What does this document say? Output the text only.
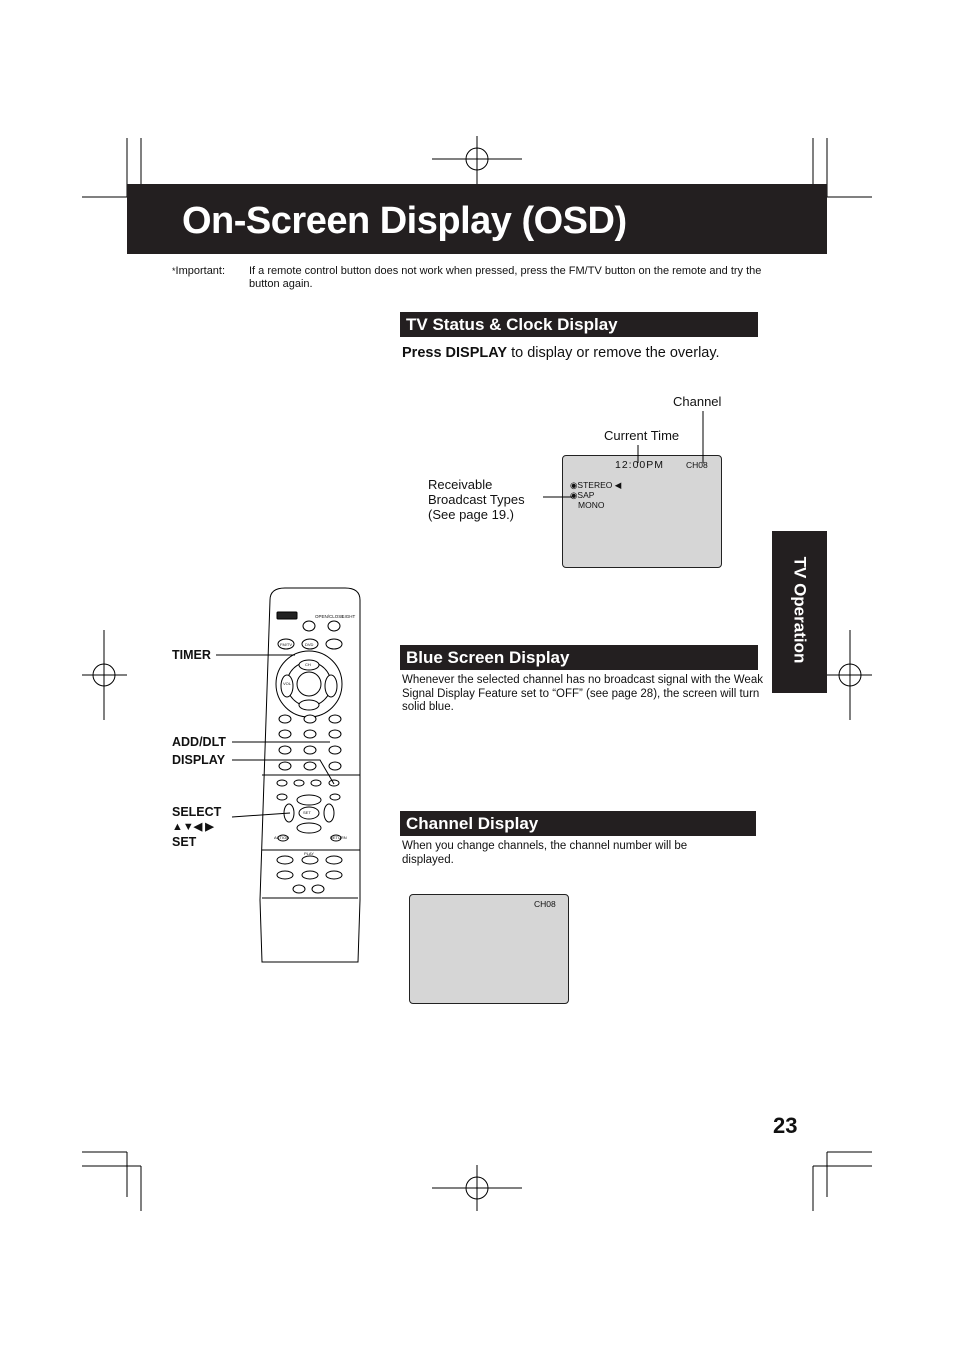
On-Screen Display (OSD)
*Important: If a remote control button does not work when pressed, press the FM/TV button on the remote and try the button again.
TV Status & Clock Display
Press DISPLAY to display or remove the overlay.
Channel
Current Time
Receivable
Broadcast Types
(See page 19.)
12:00PM	CH08
◉STEREO ◀
◉SAP
MONO
Blue Screen Display
Whenever the selected channel has no broadcast signal with the Weak Signal Display Feature set to “OFF” (see page 28), the screen will turn solid blue.
Channel Display
When you change channels, the channel number will be displayed.
CH08
TV Operation
23
OPEN/CLOSE
LIGHT
FM/TV	DVD
VOL
CH
ACTION	RETURN
PLAY
SET
TIMER
ADD/DLT
DISPLAY
SELECT
▲▼◀ ▶
SET
